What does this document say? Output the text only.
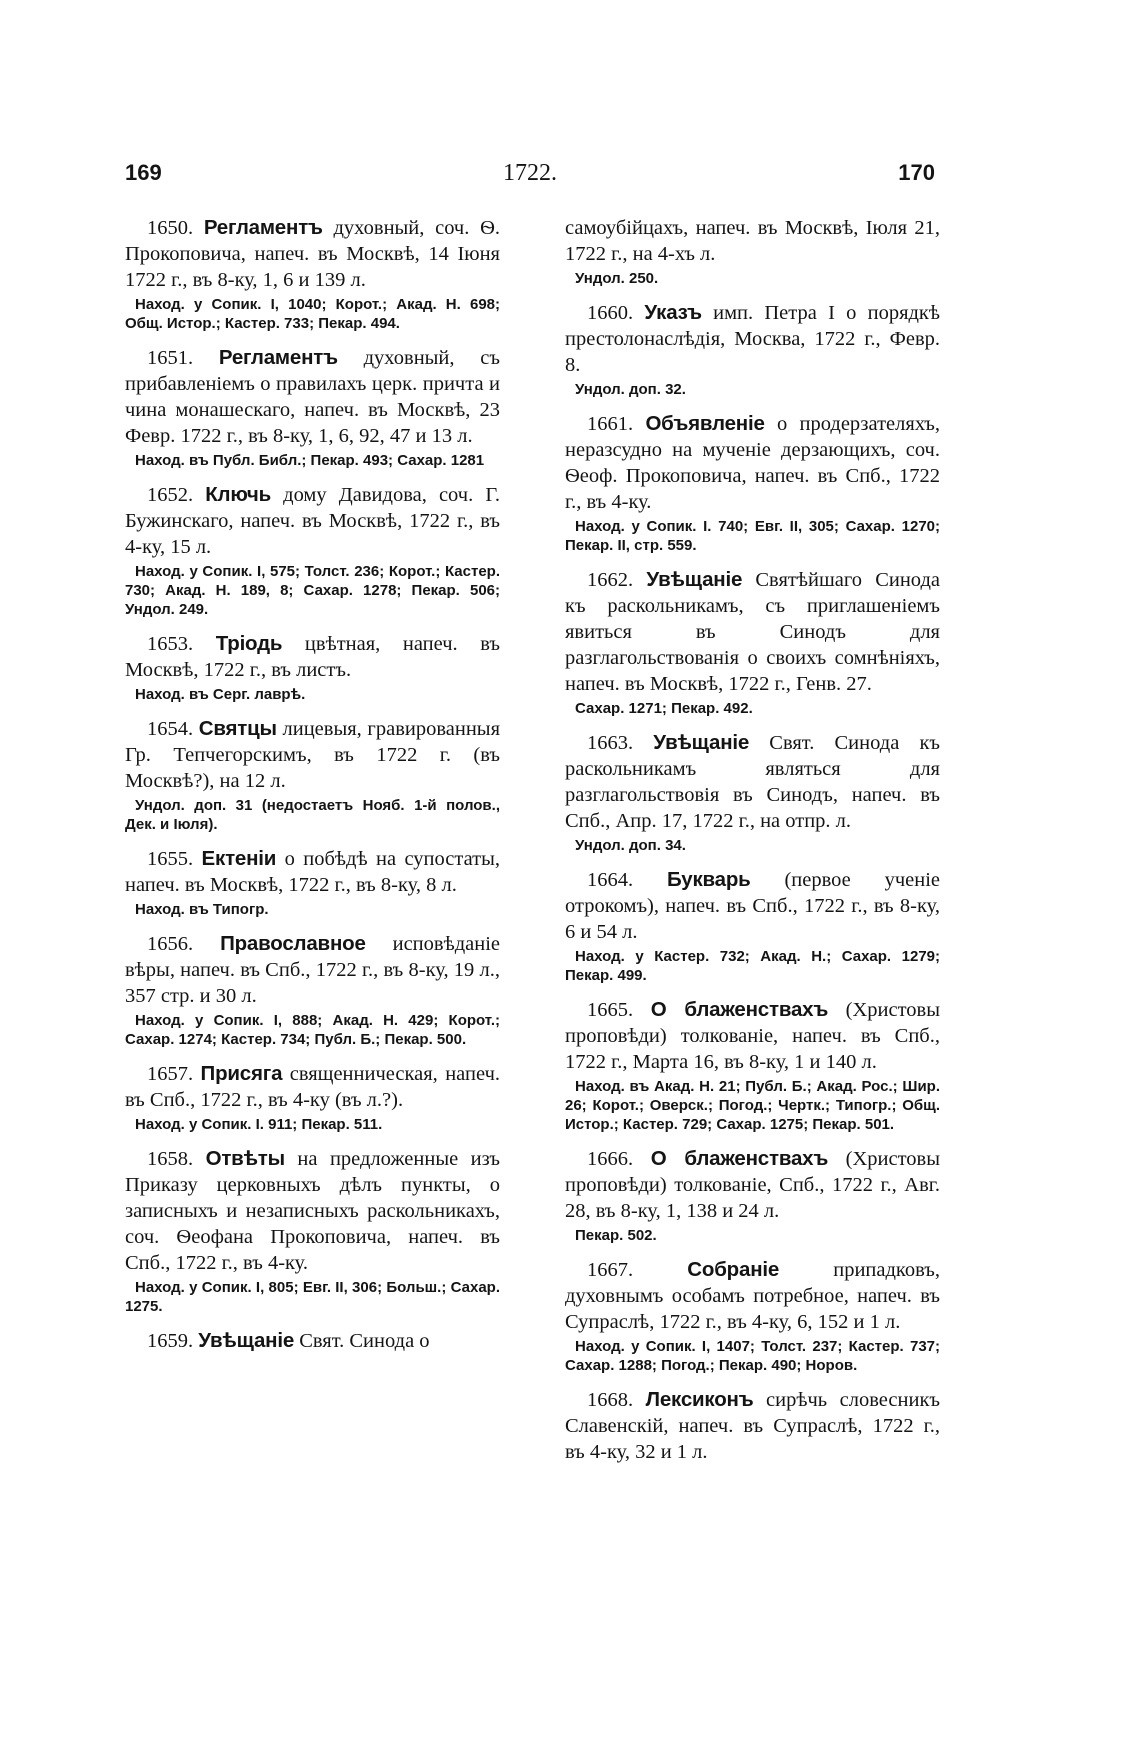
169	1722.	170

1650. Регламентъ духовный, соч. Ѳ. Прокоповича, напеч. въ Москвѣ, 14 Іюня 1722 г., въ 8-ку, 1, 6 и 139 л.

Наход. у Сопик. I, 1040; Корот.; Акад. Н. 698; Общ. Истор.; Кастер. 733; Пекар. 494.

1651. Регламентъ духовный, съ прибавленіемъ о правилахъ церк. причта и чина монашескаго, напеч. въ Москвѣ, 23 Февр. 1722 г., въ 8-ку, 1, 6, 92, 47 и 13 л.

Наход. въ Публ. Библ.; Пекар. 493; Сахар. 1281

1652. Ключь дому Давидова, соч. Г. Бужинскаго, напеч. въ Москвѣ, 1722 г., въ 4-ку, 15 л.

Наход. у Сопик. I, 575; Толст. 236; Корот.; Кастер. 730; Акад. Н. 189, 8; Сахар. 1278; Пекар. 506; Ундол. 249.

1653. Тріодь цвѣтная, напеч. въ Москвѣ, 1722 г., въ листъ.

Наход. въ Серг. лаврѣ.

1654. Святцы лицевыя, гравированныя Гр. Тепчегорскимъ, въ 1722 г. (въ Москвѣ?), на 12 л.

Ундол. доп. 31 (недостаетъ Нояб. 1-й полов., Дек. и Іюля).

1655. Ектеніи о побѣдѣ на супостаты, напеч. въ Москвѣ, 1722 г., въ 8-ку, 8 л.

Наход. въ Типогр.

1656. Православное исповѣданіе вѣры, напеч. въ Спб., 1722 г., въ 8-ку, 19 л., 357 стр. и 30 л.

Наход. у Сопик. I, 888; Акад. Н. 429; Корот.; Сахар. 1274; Кастер. 734; Публ. Б.; Пекар. 500.

1657. Присяга священническая, напеч. въ Спб., 1722 г., въ 4-ку (въ л.?).

Наход. у Сопик. I. 911; Пекар. 511.

1658. Отвѣты на предложенные изъ Приказу церковныхъ дѣлъ пункты, о записныхъ и незаписныхъ раскольникахъ, соч. Ѳеофана Прокоповича, напеч. въ Спб., 1722 г., въ 4-ку.

Наход. у Сопик. I, 805; Евг. II, 306; Больш.; Сахар. 1275.

1659. Увѣщаніе Свят. Синода о

самоубійцахъ, напеч. въ Москвѣ, Іюля 21, 1722 г., на 4-хъ л.

Ундол. 250.

1660. Указъ имп. Петра I о порядкѣ престолонаслѣдія, Москва, 1722 г., Февр. 8.

Ундол. доп. 32.

1661. Объявленіе о продерзателяхъ, неразсудно на мученіе дерзающихъ, соч. Ѳеоф. Прокоповича, напеч. въ Спб., 1722 г., въ 4-ку.

Наход. у Сопик. I. 740; Евг. II, 305; Сахар. 1270; Пекар. II, стр. 559.

1662. Увѣщаніе Святѣйшаго Синода къ раскольникамъ, съ приглашеніемъ явиться въ Синодъ для разглагольствованія о своихъ сомнѣніяхъ, напеч. въ Москвѣ, 1722 г., Генв. 27.

Сахар. 1271; Пекар. 492.

1663. Увѣщаніе Свят. Синода къ раскольникамъ являться для разглагольствовія въ Синодъ, напеч. въ Спб., Апр. 17, 1722 г., на отпр. л.

Ундол. доп. 34.

1664. Букварь (первое ученіе отрокомъ), напеч. въ Спб., 1722 г., въ 8-ку, 6 и 54 л.

Наход. у Кастер. 732; Акад. Н.; Сахар. 1279; Пекар. 499.

1665. О блаженствахъ (Христовы проповѣди) толкованіе, напеч. въ Спб., 1722 г., Марта 16, въ 8-ку, 1 и 140 л.

Наход. въ Акад. Н. 21; Публ. Б.; Акад. Рос.; Шир. 26; Корот.; Оверск.; Погод.; Чертк.; Типогр.; Общ. Истор.; Кастер. 729; Сахар. 1275; Пекар. 501.

1666. О блаженствахъ (Христовы проповѣди) толкованіе, Спб., 1722 г., Авг. 28, въ 8-ку, 1, 138 и 24 л.

Пекар. 502.

1667.	Собраніе	припадковъ, духовнымъ особамъ потребное, напеч. въ Супраслѣ, 1722 г., въ 4-ку, 6, 152 и 1 л.

Наход. у Сопик. I, 1407; Толст. 237; Кастер. 737; Сахар. 1288; Погод.; Пекар. 490; Норов.

1668. Лексиконъ сирѣчь словесникъ Славенскій, напеч. въ Супраслѣ, 1722 г., въ 4-ку, 32 и 1 л.
